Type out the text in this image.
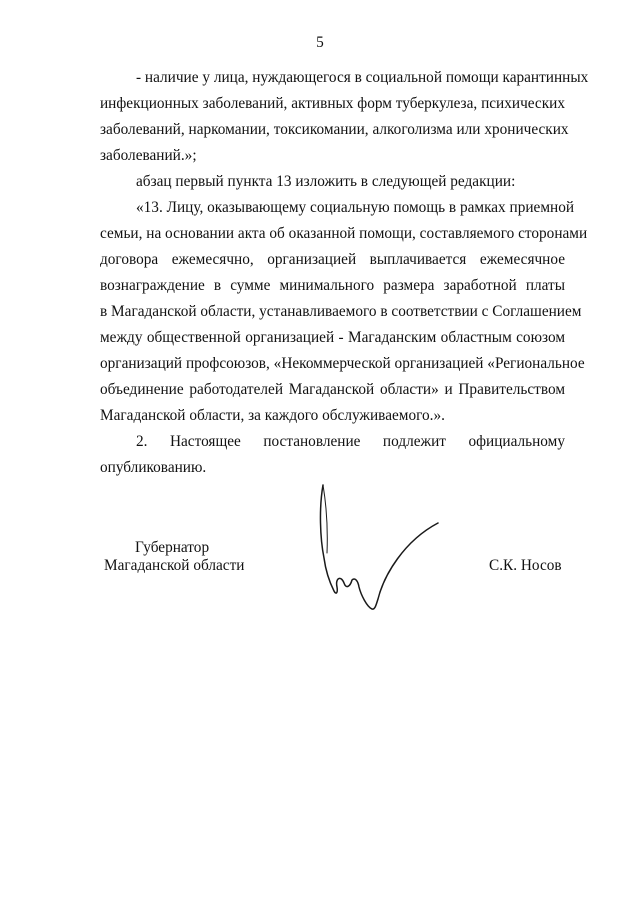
5
- наличие у лица, нуждающегося в социальной помощи карантинных
инфекционных заболеваний, активных форм туберкулеза, психических
заболеваний, наркомании, токсикомании, алкоголизма или хронических
заболеваний.»;
абзац первый пункта 13 изложить в следующей редакции:
«13. Лицу, оказывающему социальную помощь в рамках приемной
семьи, на основании акта об оказанной помощи, составляемого сторонами
договора ежемесячно, организацией выплачивается ежемесячное
вознаграждение в сумме минимального размера заработной платы
в Магаданской области, устанавливаемого в соответствии с Соглашением
между общественной организацией - Магаданским областным союзом
организаций профсоюзов, «Некоммерческой организацией «Региональное
объединение работодателей Магаданской области» и Правительством
Магаданской области, за каждого обслуживаемого.».
2. Настоящее постановление подлежит официальному
опубликованию.
Губернатор
Магаданской области	С.К. Носов
